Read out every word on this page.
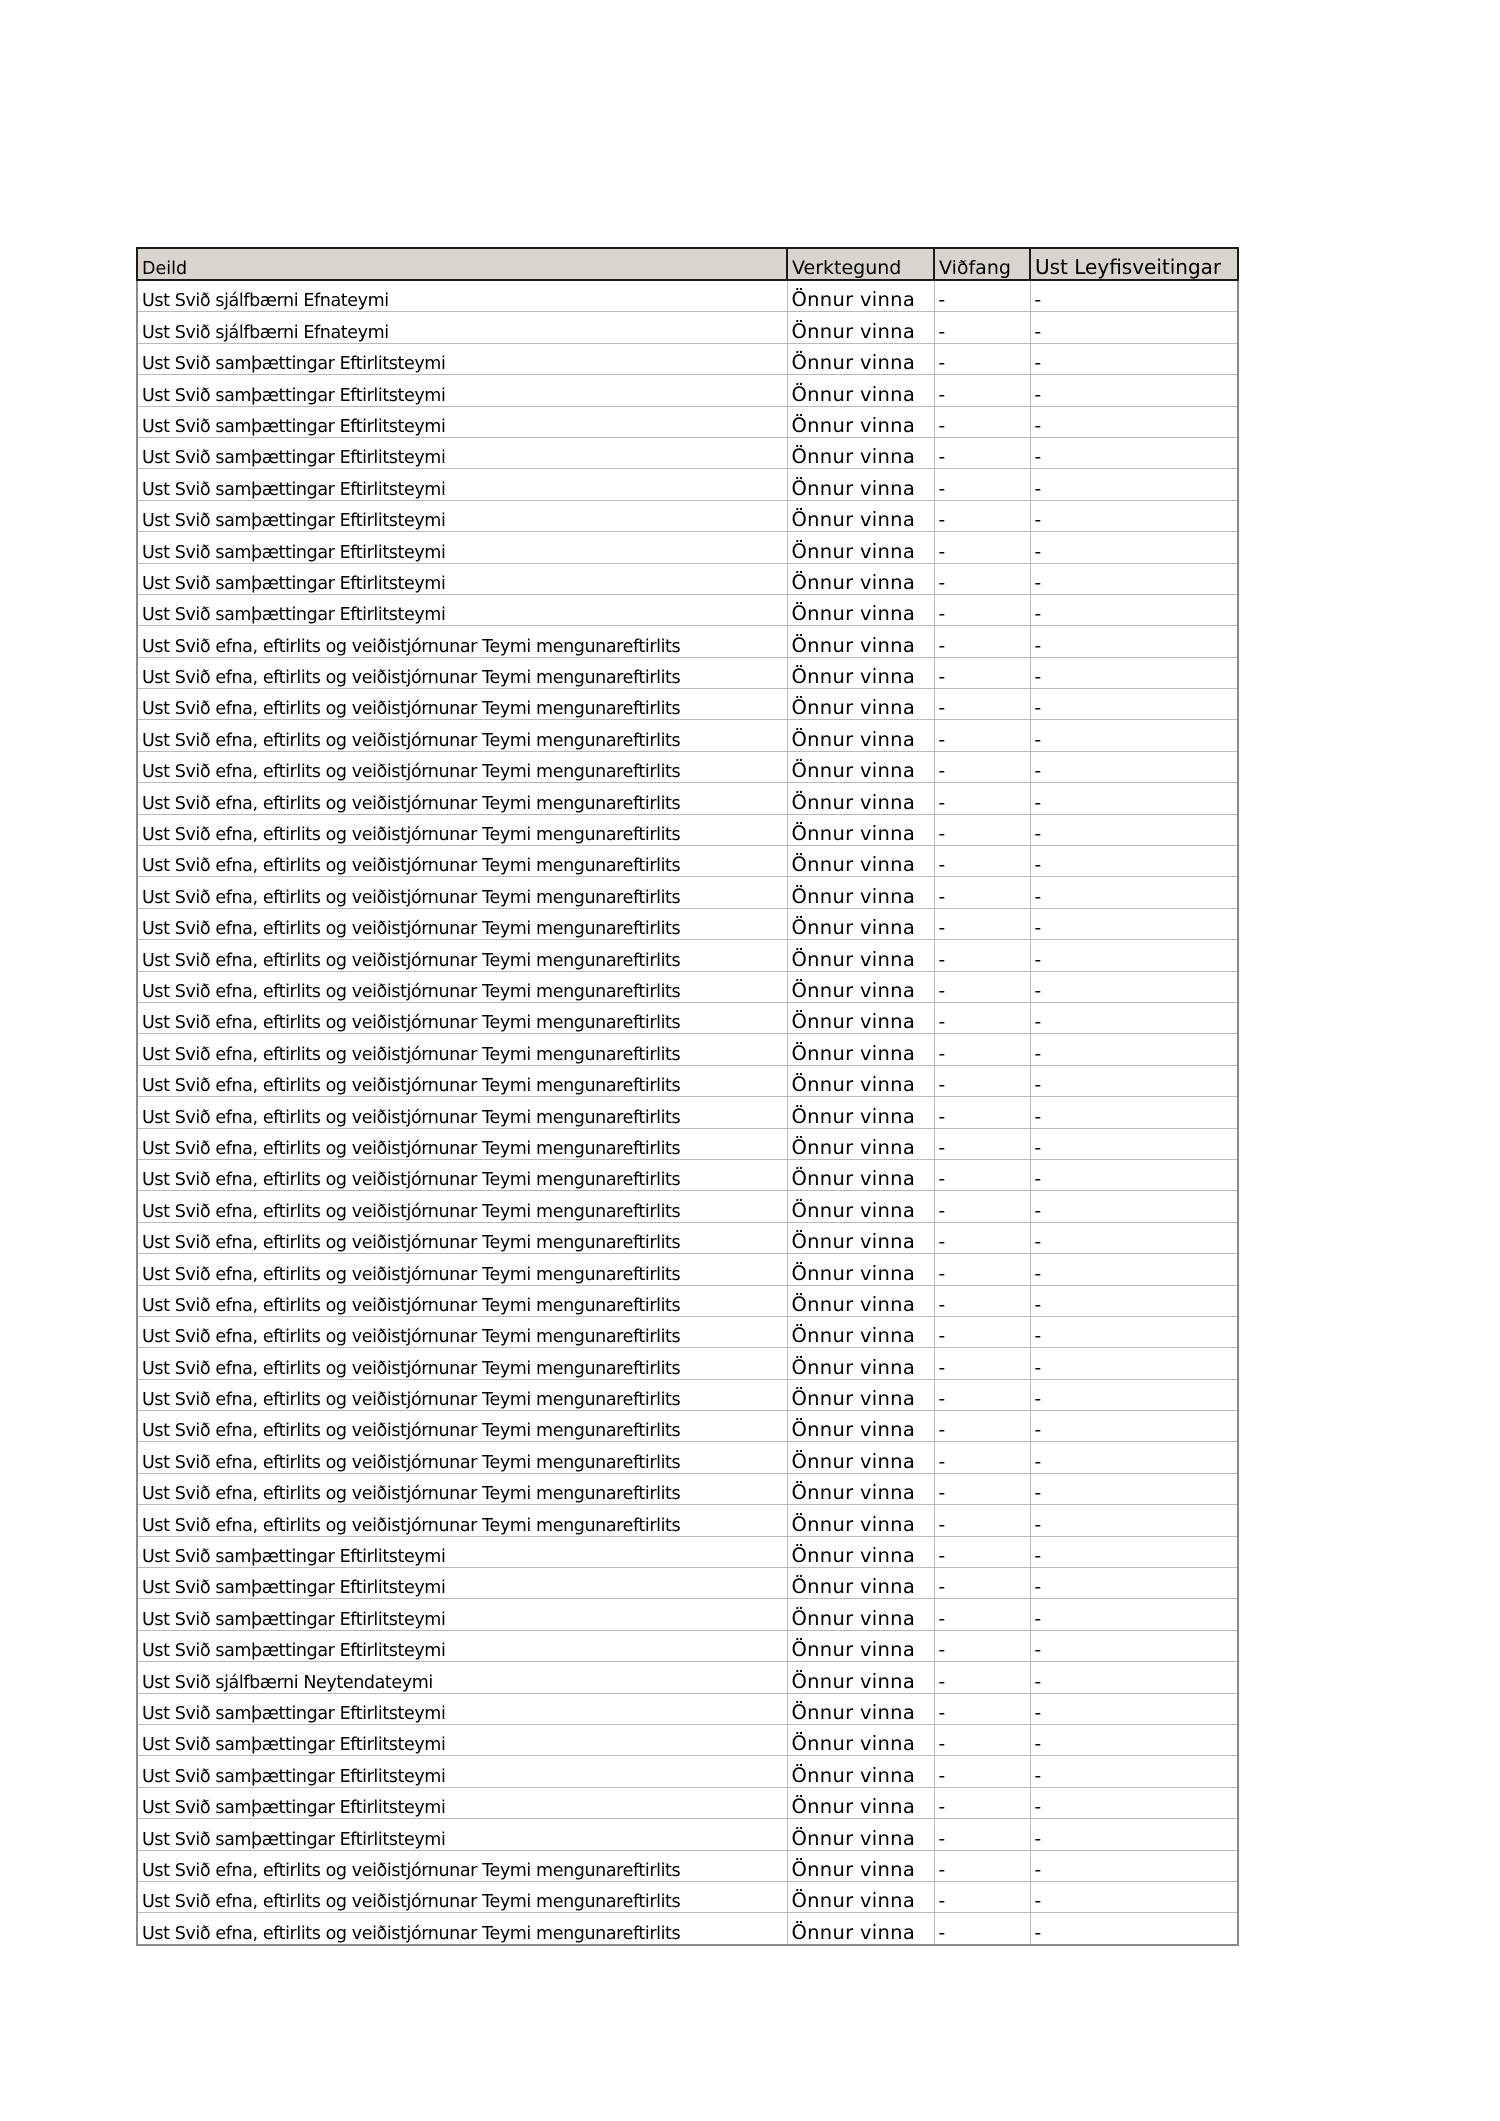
Deild	Verktegund	Viðfang	Ust Leyfisveitingar
Ust Svið sjálfbærni Efnateymi	Önnur vinna	-	-
Ust Svið sjálfbærni Efnateymi	Önnur vinna	-	-
Ust Svið samþættingar Eftirlitsteymi	Önnur vinna	-	-
Ust Svið samþættingar Eftirlitsteymi	Önnur vinna	-	-
Ust Svið samþættingar Eftirlitsteymi	Önnur vinna	-	-
Ust Svið samþættingar Eftirlitsteymi	Önnur vinna	-	-
Ust Svið samþættingar Eftirlitsteymi	Önnur vinna	-	-
Ust Svið samþættingar Eftirlitsteymi	Önnur vinna	-	-
Ust Svið samþættingar Eftirlitsteymi	Önnur vinna	-	-
Ust Svið samþættingar Eftirlitsteymi	Önnur vinna	-	-
Ust Svið samþættingar Eftirlitsteymi	Önnur vinna	-	-
Ust Svið efna, eftirlits og veiðistjórnunar Teymi mengunareftirlits	Önnur vinna	-	-
Ust Svið efna, eftirlits og veiðistjórnunar Teymi mengunareftirlits	Önnur vinna	-	-
Ust Svið efna, eftirlits og veiðistjórnunar Teymi mengunareftirlits	Önnur vinna	-	-
Ust Svið efna, eftirlits og veiðistjórnunar Teymi mengunareftirlits	Önnur vinna	-	-
Ust Svið efna, eftirlits og veiðistjórnunar Teymi mengunareftirlits	Önnur vinna	-	-
Ust Svið efna, eftirlits og veiðistjórnunar Teymi mengunareftirlits	Önnur vinna	-	-
Ust Svið efna, eftirlits og veiðistjórnunar Teymi mengunareftirlits	Önnur vinna	-	-
Ust Svið efna, eftirlits og veiðistjórnunar Teymi mengunareftirlits	Önnur vinna	-	-
Ust Svið efna, eftirlits og veiðistjórnunar Teymi mengunareftirlits	Önnur vinna	-	-
Ust Svið efna, eftirlits og veiðistjórnunar Teymi mengunareftirlits	Önnur vinna	-	-
Ust Svið efna, eftirlits og veiðistjórnunar Teymi mengunareftirlits	Önnur vinna	-	-
Ust Svið efna, eftirlits og veiðistjórnunar Teymi mengunareftirlits	Önnur vinna	-	-
Ust Svið efna, eftirlits og veiðistjórnunar Teymi mengunareftirlits	Önnur vinna	-	-
Ust Svið efna, eftirlits og veiðistjórnunar Teymi mengunareftirlits	Önnur vinna	-	-
Ust Svið efna, eftirlits og veiðistjórnunar Teymi mengunareftirlits	Önnur vinna	-	-
Ust Svið efna, eftirlits og veiðistjórnunar Teymi mengunareftirlits	Önnur vinna	-	-
Ust Svið efna, eftirlits og veiðistjórnunar Teymi mengunareftirlits	Önnur vinna	-	-
Ust Svið efna, eftirlits og veiðistjórnunar Teymi mengunareftirlits	Önnur vinna	-	-
Ust Svið efna, eftirlits og veiðistjórnunar Teymi mengunareftirlits	Önnur vinna	-	-
Ust Svið efna, eftirlits og veiðistjórnunar Teymi mengunareftirlits	Önnur vinna	-	-
Ust Svið efna, eftirlits og veiðistjórnunar Teymi mengunareftirlits	Önnur vinna	-	-
Ust Svið efna, eftirlits og veiðistjórnunar Teymi mengunareftirlits	Önnur vinna	-	-
Ust Svið efna, eftirlits og veiðistjórnunar Teymi mengunareftirlits	Önnur vinna	-	-
Ust Svið efna, eftirlits og veiðistjórnunar Teymi mengunareftirlits	Önnur vinna	-	-
Ust Svið efna, eftirlits og veiðistjórnunar Teymi mengunareftirlits	Önnur vinna	-	-
Ust Svið efna, eftirlits og veiðistjórnunar Teymi mengunareftirlits	Önnur vinna	-	-
Ust Svið efna, eftirlits og veiðistjórnunar Teymi mengunareftirlits	Önnur vinna	-	-
Ust Svið efna, eftirlits og veiðistjórnunar Teymi mengunareftirlits	Önnur vinna	-	-
Ust Svið efna, eftirlits og veiðistjórnunar Teymi mengunareftirlits	Önnur vinna	-	-
Ust Svið samþættingar Eftirlitsteymi	Önnur vinna	-	-
Ust Svið samþættingar Eftirlitsteymi	Önnur vinna	-	-
Ust Svið samþættingar Eftirlitsteymi	Önnur vinna	-	-
Ust Svið samþættingar Eftirlitsteymi	Önnur vinna	-	-
Ust Svið sjálfbærni Neytendateymi	Önnur vinna	-	-
Ust Svið samþættingar Eftirlitsteymi	Önnur vinna	-	-
Ust Svið samþættingar Eftirlitsteymi	Önnur vinna	-	-
Ust Svið samþættingar Eftirlitsteymi	Önnur vinna	-	-
Ust Svið samþættingar Eftirlitsteymi	Önnur vinna	-	-
Ust Svið samþættingar Eftirlitsteymi	Önnur vinna	-	-
Ust Svið efna, eftirlits og veiðistjórnunar Teymi mengunareftirlits	Önnur vinna	-	-
Ust Svið efna, eftirlits og veiðistjórnunar Teymi mengunareftirlits	Önnur vinna	-	-
Ust Svið efna, eftirlits og veiðistjórnunar Teymi mengunareftirlits	Önnur vinna	-	-
